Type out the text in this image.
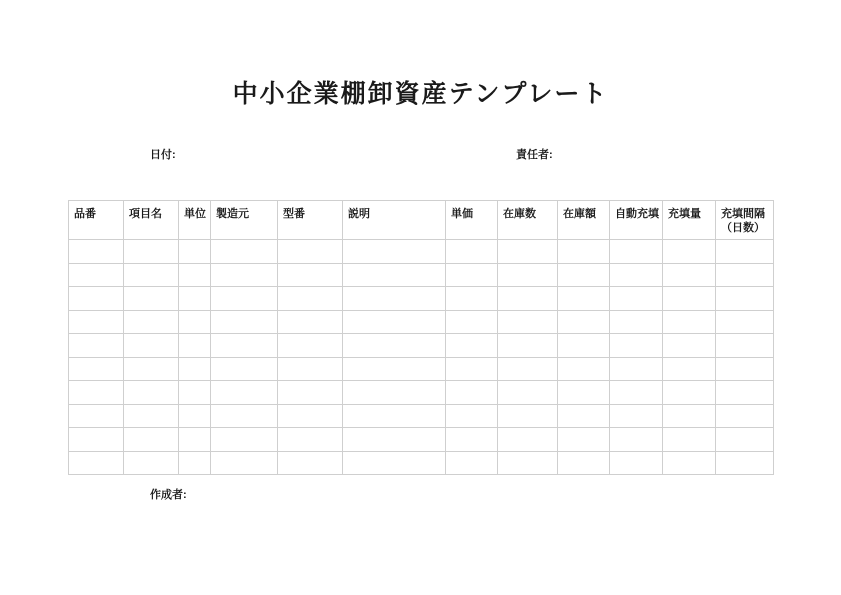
中小企業棚卸資産テンプレート
日付:	責任者:
品番	項目名	単位	製造元	型番	説明	単価	在庫数	在庫額	自動充填	充填量	充填間隔（日数）

作成者:
